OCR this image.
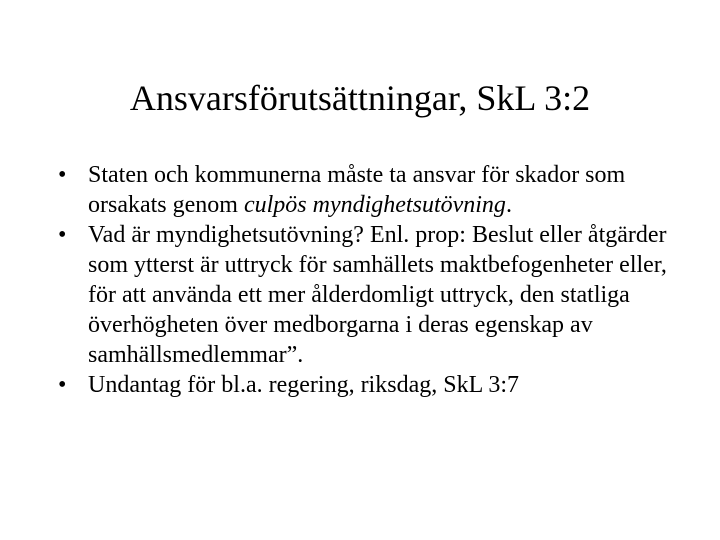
Ansvarsförutsättningar, SkL 3:2
• Staten och kommunerna måste ta ansvar för skador som orsakats genom culpös myndighetsutövning.
• Vad är myndighetsutövning? Enl. prop: Beslut eller åtgärder som ytterst är uttryck för samhällets maktbefogenheter eller, för att använda ett mer ålderdomligt uttryck, den statliga överhögheten över medborgarna i deras egenskap av samhällsmedlemmar”.
• Undantag för bl.a. regering, riksdag, SkL 3:7
